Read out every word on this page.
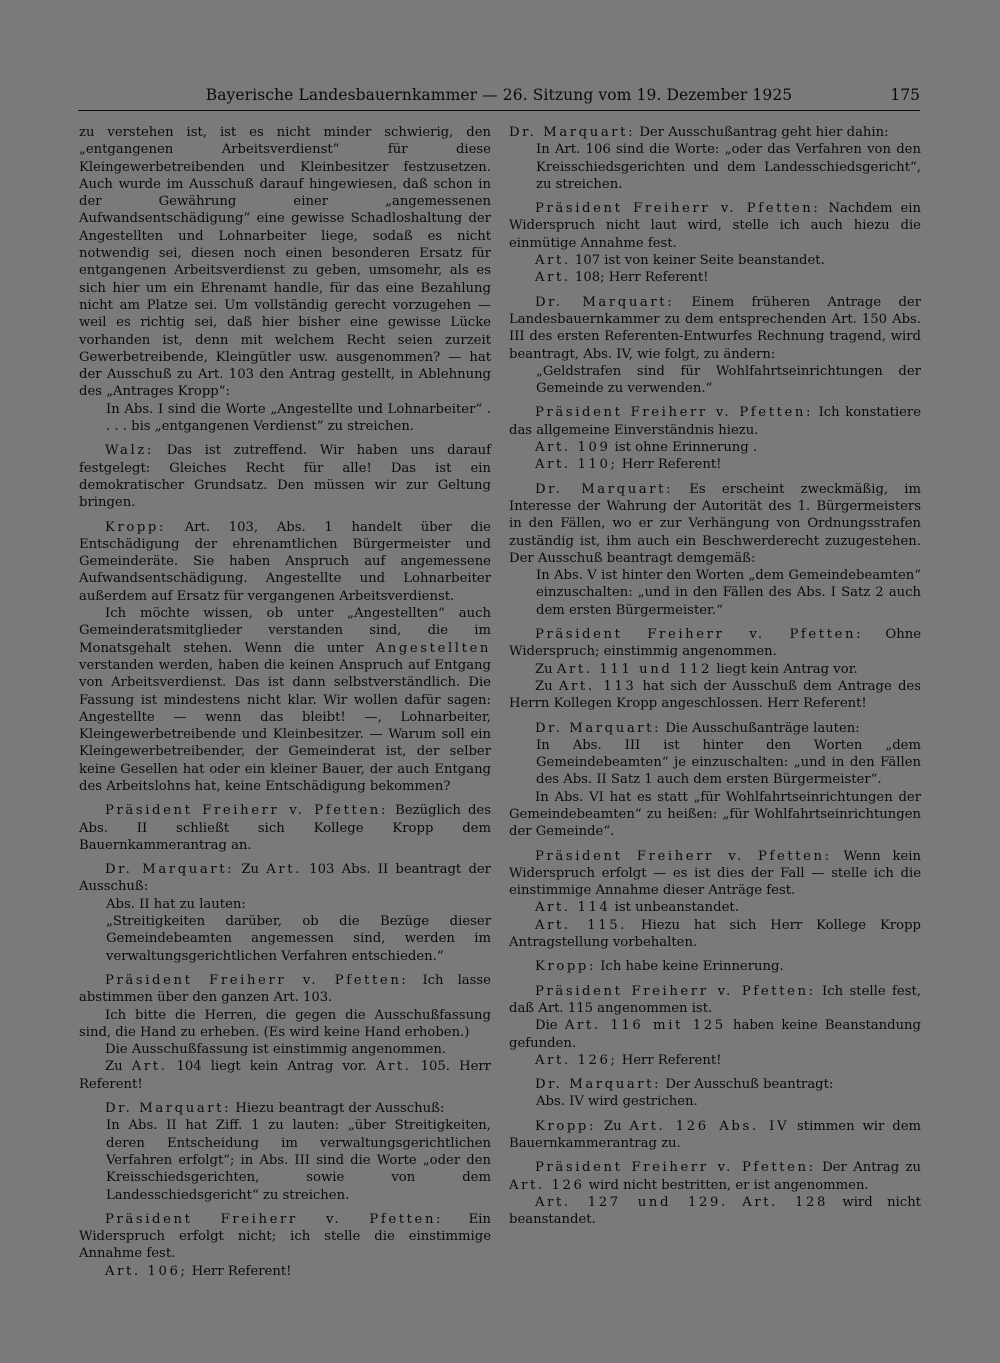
Bayerische Landesbauernkammer — 26. Sitzung vom 19. Dezember 1925	175

zu verstehen ist, ist es nicht minder schwierig, den „entgangenen Arbeitsverdienst“ für diese Kleingewerbetreibenden und Kleinbesitzer festzusetzen. Auch wurde im Ausschuß darauf hingewiesen, daß schon in der Gewährung einer „angemessenen Aufwandsentschädigung“ eine gewisse Schadloshaltung der Angestellten und Lohnarbeiter liege, sodaß es nicht notwendig sei, diesen noch einen besonderen Ersatz für entgangenen Arbeitsverdienst zu geben, umsomehr, als es sich hier um ein Ehrenamt handle, für das eine Bezahlung nicht am Platze sei. Um vollständig gerecht vorzugehen — weil es richtig sei, daß hier bisher eine gewisse Lücke vorhanden ist, denn mit welchem Recht seien zurzeit Gewerbetreibende, Kleingütler usw. ausgenommen? — hat der Ausschuß zu Art. 103 den Antrag gestellt, in Ablehnung des „Antrages Kropp“:

In Abs. I sind die Worte „Angestellte und Lohnarbeiter“ . . . . bis „entgangenen Verdienst“ zu streichen.

Walz: Das ist zutreffend. Wir haben uns darauf festgelegt: Gleiches Recht für alle! Das ist ein demokratischer Grundsatz. Den müssen wir zur Geltung bringen.

Kropp: Art. 103, Abs. 1 handelt über die Entschädigung der ehrenamtlichen Bürgermeister und Gemeinderäte. Sie haben Anspruch auf angemessene Aufwandsentschädigung. Angestellte und Lohnarbeiter außerdem auf Ersatz für vergangenen Arbeitsverdienst.

Ich möchte wissen, ob unter „Angestellten“ auch Gemeinderatsmitglieder verstanden sind, die im Monatsgehalt stehen. Wenn die unter Angestellten verstanden werden, haben die keinen Anspruch auf Entgang von Arbeitsverdienst. Das ist dann selbstverständlich. Die Fassung ist mindestens nicht klar. Wir wollen dafür sagen: Angestellte — wenn das bleibt! —, Lohnarbeiter, Kleingewerbetreibende und Kleinbesitzer. — Warum soll ein Kleingewerbetreibender, der Gemeinderat ist, der selber keine Gesellen hat oder ein kleiner Bauer, der auch Entgang des Arbeitslohns hat, keine Entschädigung bekommen?

Präsident Freiherr v. Pfetten: Bezüglich des Abs. II schließt sich Kollege Kropp dem Bauernkammerantrag an.

Dr. Marquart: Zu Art. 103 Abs. II beantragt der Ausschuß:

Abs. II hat zu lauten:

„Streitigkeiten darüber, ob die Bezüge dieser Gemeindebeamten angemessen sind, werden im verwaltungsgerichtlichen Verfahren entschieden.“

Präsident Freiherr v. Pfetten: Ich lasse abstimmen über den ganzen Art. 103.

Ich bitte die Herren, die gegen die Ausschußfassung sind, die Hand zu erheben. (Es wird keine Hand erhoben.)

Die Ausschußfassung ist einstimmig angenommen.

Zu Art. 104 liegt kein Antrag vor. Art. 105. Herr Referent!

Dr. Marquart: Hiezu beantragt der Ausschuß:

In Abs. II hat Ziff. 1 zu lauten: „über Streitigkeiten, deren Entscheidung im verwaltungsgerichtlichen Verfahren erfolgt“; in Abs. III sind die Worte „oder den Kreisschiedsgerichten, sowie von dem Landesschiedsgericht“ zu streichen.

Präsident Freiherr v. Pfetten: Ein Widerspruch erfolgt nicht; ich stelle die einstimmige Annahme fest.

Art. 106; Herr Referent!

Dr. Marquart: Der Ausschußantrag geht hier dahin:

In Art. 106 sind die Worte: „oder das Verfahren von den Kreisschiedsgerichten und dem Landesschiedsgericht“, zu streichen.

Präsident Freiherr v. Pfetten: Nachdem ein Widerspruch nicht laut wird, stelle ich auch hiezu die einmütige Annahme fest.

Art. 107 ist von keiner Seite beanstandet.

Art. 108; Herr Referent!

Dr. Marquart: Einem früheren Antrage der Landesbauernkammer zu dem entsprechenden Art. 150 Abs. III des ersten Referenten-Entwurfes Rechnung tragend, wird beantragt, Abs. IV, wie folgt, zu ändern:

„Geldstrafen sind für Wohlfahrtseinrichtungen der Gemeinde zu verwenden.“

Präsident Freiherr v. Pfetten: Ich konstatiere das allgemeine Einverständnis hiezu.

Art. 109 ist ohne Erinnerung .

Art. 110; Herr Referent!

Dr. Marquart: Es erscheint zweckmäßig, im Interesse der Wahrung der Autorität des 1. Bürgermeisters in den Fällen, wo er zur Verhängung von Ordnungsstrafen zuständig ist, ihm auch ein Beschwerderecht zuzugestehen. Der Ausschuß beantragt demgemäß:

In Abs. V ist hinter den Worten „dem Gemeindebeamten“ einzuschalten: „und in den Fällen des Abs. I Satz 2 auch dem ersten Bürgermeister.“

Präsident Freiherr v. Pfetten: Ohne Widerspruch; einstimmig angenommen.

Zu Art. 111 und 112 liegt kein Antrag vor.

Zu Art. 113 hat sich der Ausschuß dem Antrage des Herrn Kollegen Kropp angeschlossen. Herr Referent!

Dr. Marquart: Die Ausschußanträge lauten:

In Abs. III ist hinter den Worten „dem Gemeindebeamten“ je einzuschalten: „und in den Fällen des Abs. II Satz 1 auch dem ersten Bürgermeister“.

In Abs. VI hat es statt „für Wohlfahrtseinrichtungen der Gemeindebeamten“ zu heißen: „für Wohlfahrtseinrichtungen der Gemeinde“.

Präsident Freiherr v. Pfetten: Wenn kein Widerspruch erfolgt — es ist dies der Fall — stelle ich die einstimmige Annahme dieser Anträge fest.

Art. 114 ist unbeanstandet.

Art. 115. Hiezu hat sich Herr Kollege Kropp Antragstellung vorbehalten.

Kropp: Ich habe keine Erinnerung.

Präsident Freiherr v. Pfetten: Ich stelle fest, daß Art. 115 angenommen ist.

Die Art. 116 mit 125 haben keine Beanstandung gefunden.

Art. 126; Herr Referent!

Dr. Marquart: Der Ausschuß beantragt:

Abs. IV wird gestrichen.

Kropp: Zu Art. 126 Abs. IV stimmen wir dem Bauernkammerantrag zu.

Präsident Freiherr v. Pfetten: Der Antrag zu Art. 126 wird nicht bestritten, er ist angenommen.

Art. 127 und 129. Art. 128 wird nicht beanstandet.
